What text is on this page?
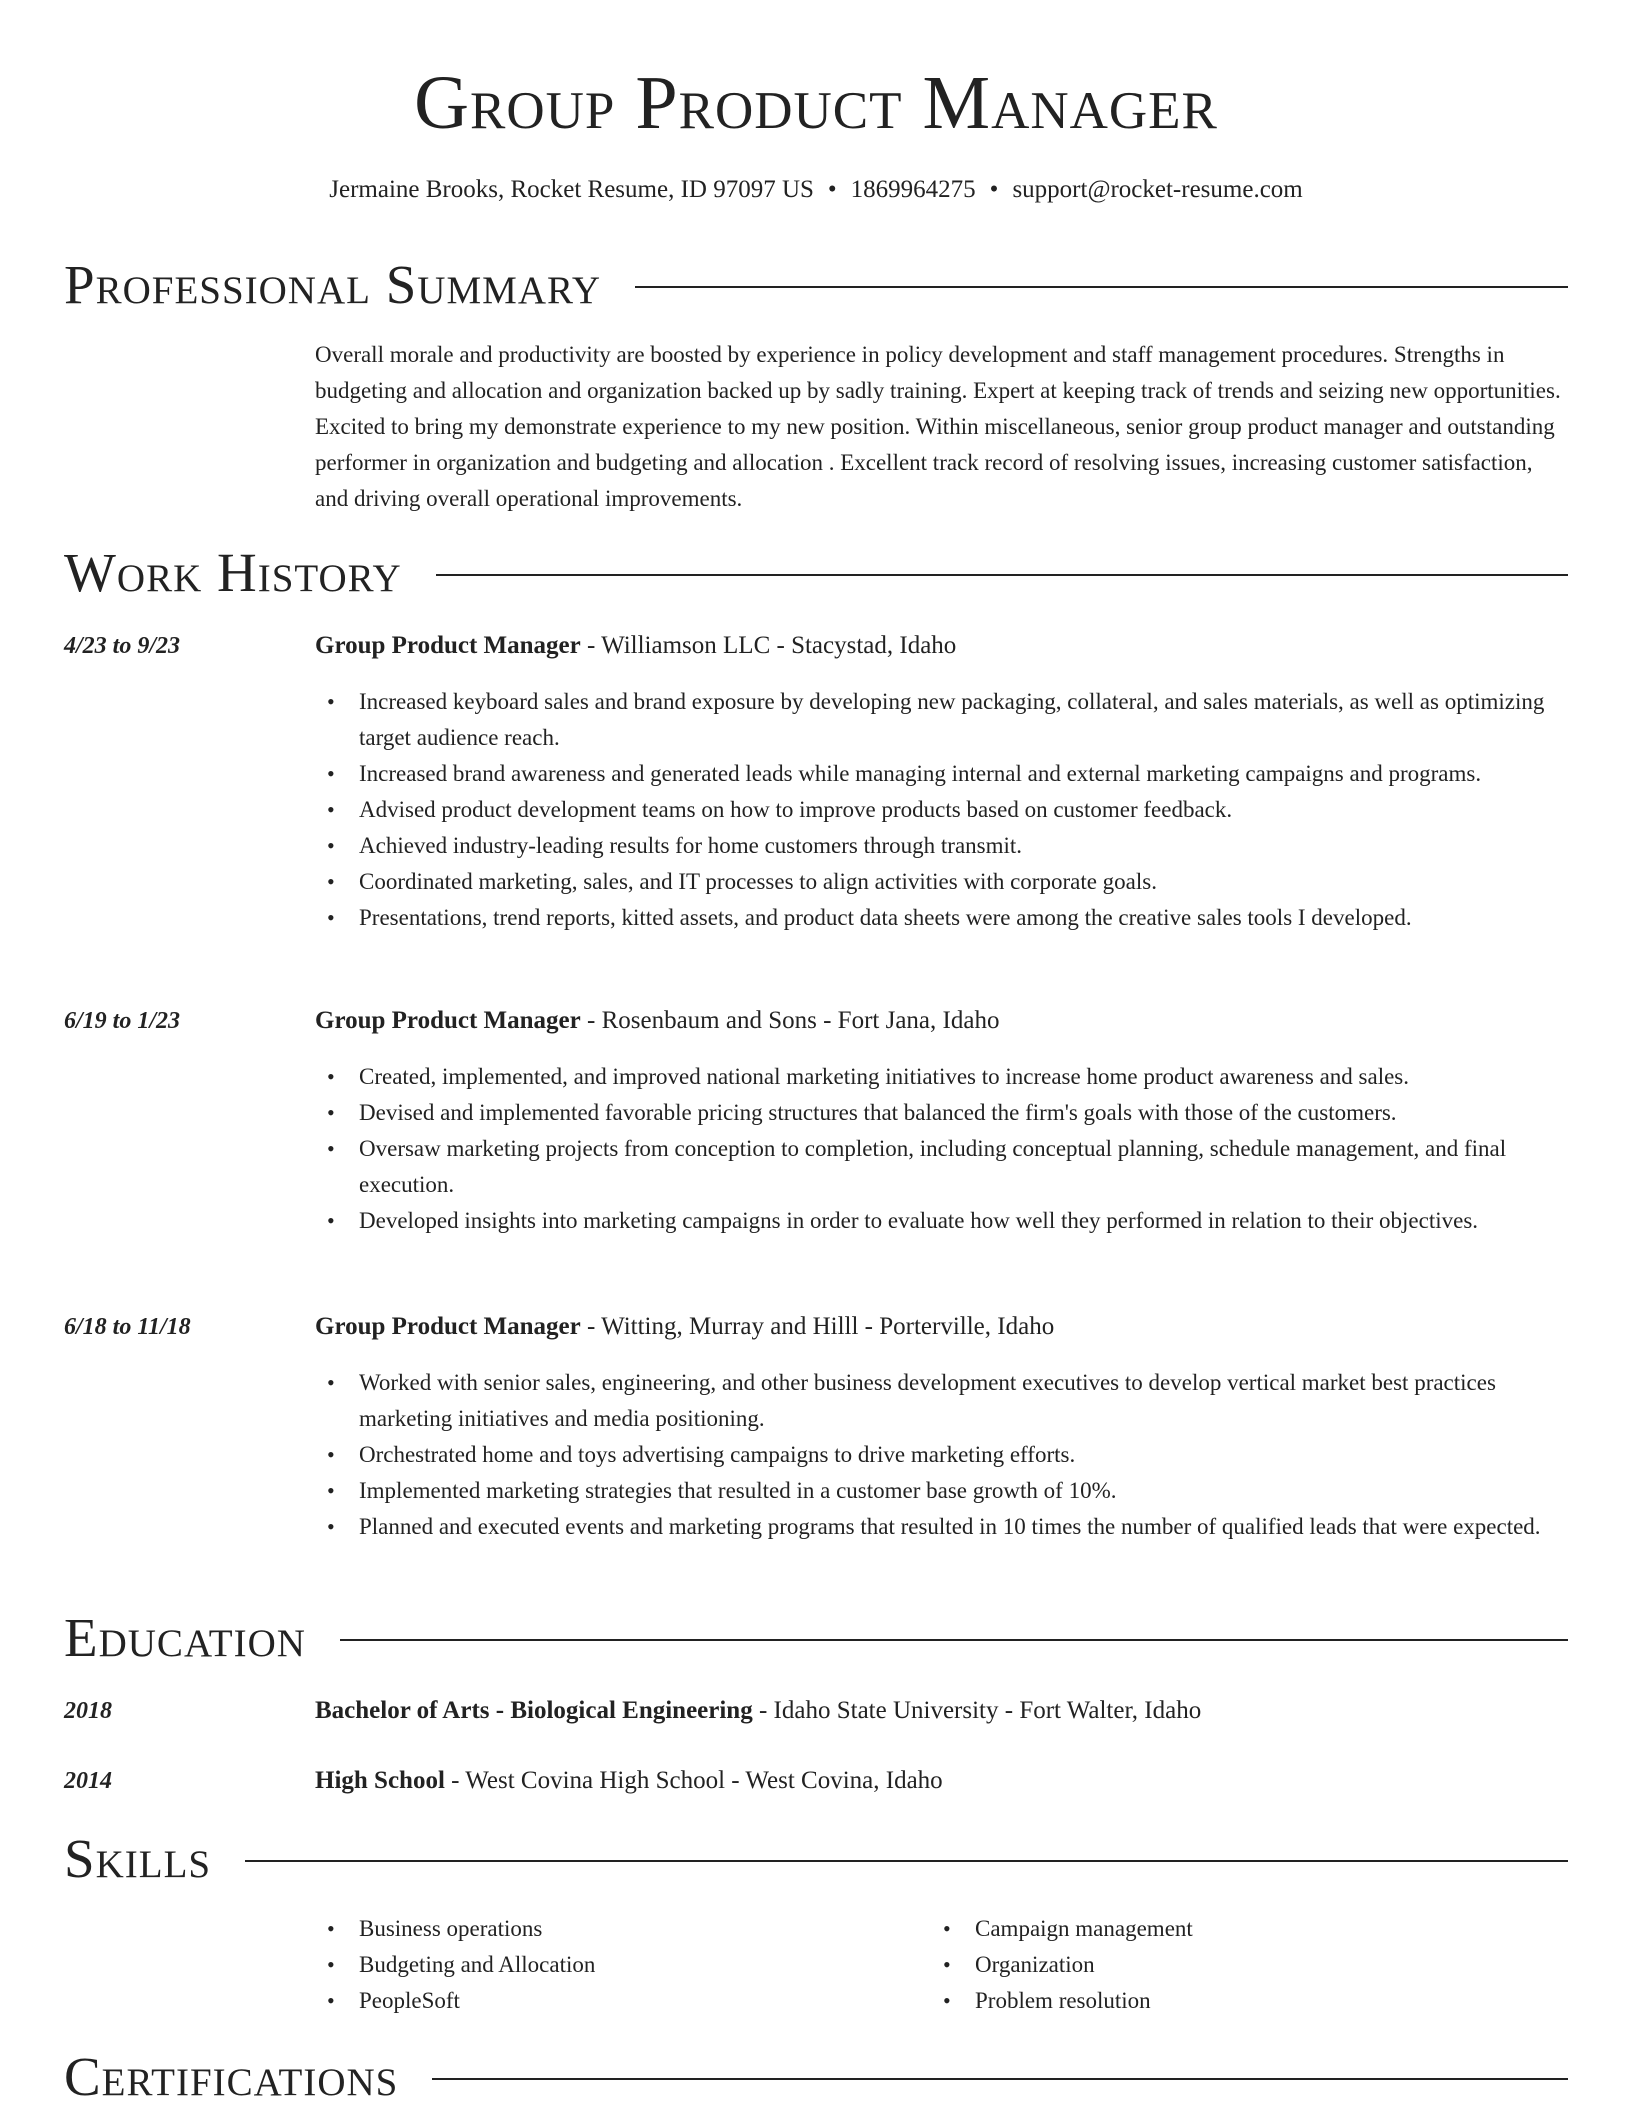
Group Product Manager
Jermaine Brooks, Rocket Resume, ID 97097 US • 1869964275 • support@rocket-resume.com
Professional Summary

Overall morale and productivity are boosted by experience in policy development and staff management procedures. Strengths in budgeting and allocation and organization backed up by sadly training. Expert at keeping track of trends and seizing new opportunities. Excited to bring my demonstrate experience to my new position. Within miscellaneous, senior group product manager and outstanding performer in organization and budgeting and allocation . Excellent track record of resolving issues, increasing customer satisfaction, and driving overall operational improvements.

Work History
4/23 to 9/23	Group Product Manager - Williamson LLC - Stacystad, Idaho
• Increased keyboard sales and brand exposure by developing new packaging, collateral, and sales materials, as well as optimizing target audience reach.
• Increased brand awareness and generated leads while managing internal and external marketing campaigns and programs.
• Advised product development teams on how to improve products based on customer feedback.
• Achieved industry-leading results for home customers through transmit.
• Coordinated marketing, sales, and IT processes to align activities with corporate goals.
• Presentations, trend reports, kitted assets, and product data sheets were among the creative sales tools I developed.
6/19 to 1/23	Group Product Manager - Rosenbaum and Sons - Fort Jana, Idaho
• Created, implemented, and improved national marketing initiatives to increase home product awareness and sales.
• Devised and implemented favorable pricing structures that balanced the firm's goals with those of the customers.
• Oversaw marketing projects from conception to completion, including conceptual planning, schedule management, and final execution.
• Developed insights into marketing campaigns in order to evaluate how well they performed in relation to their objectives.
6/18 to 11/18	Group Product Manager - Witting, Murray and Hilll - Porterville, Idaho
• Worked with senior sales, engineering, and other business development executives to develop vertical market best practices marketing initiatives and media positioning.
• Orchestrated home and toys advertising campaigns to drive marketing efforts.
• Implemented marketing strategies that resulted in a customer base growth of 10%.
• Planned and executed events and marketing programs that resulted in 10 times the number of qualified leads that were expected.
Education
2018	Bachelor of Arts - Biological Engineering - Idaho State University - Fort Walter, Idaho
2014	High School - West Covina High School - West Covina, Idaho
Skills
• Business operations
• Budgeting and Allocation
• PeopleSoft
• Campaign management
• Organization
• Problem resolution
Certifications
